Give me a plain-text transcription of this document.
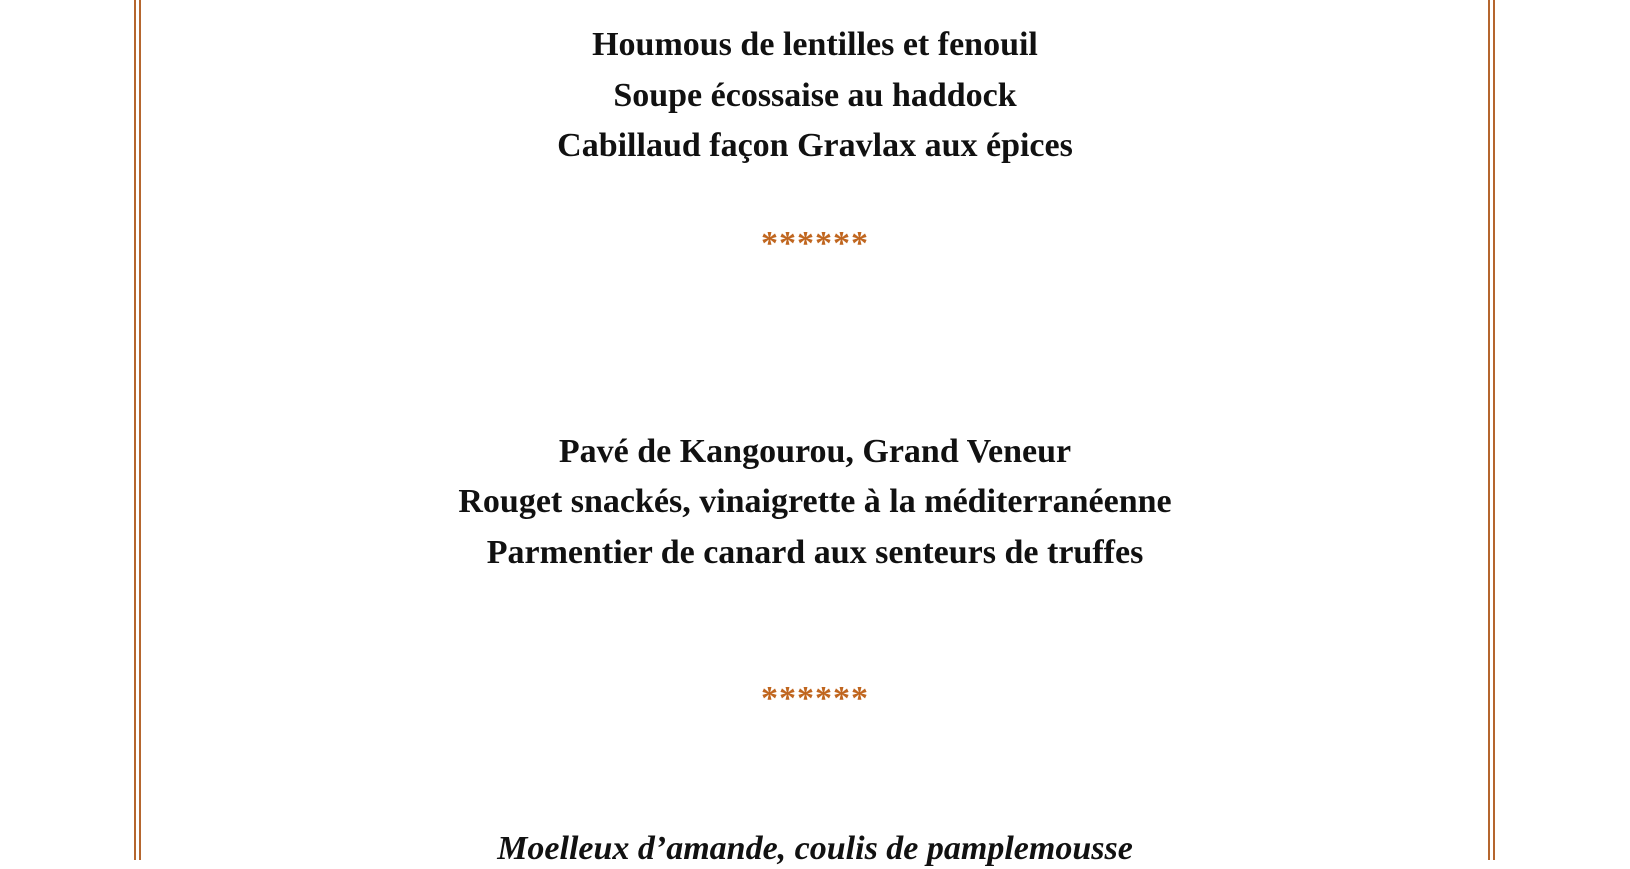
Houmous de lentilles et fenouil
Soupe écossaise au haddock
Cabillaud façon Gravlax aux épices
******
Pavé de Kangourou, Grand Veneur
Rouget snackés, vinaigrette à la méditerranéenne
Parmentier de canard aux senteurs de truffes
******
Moelleux d’amande, coulis de pamplemousse
